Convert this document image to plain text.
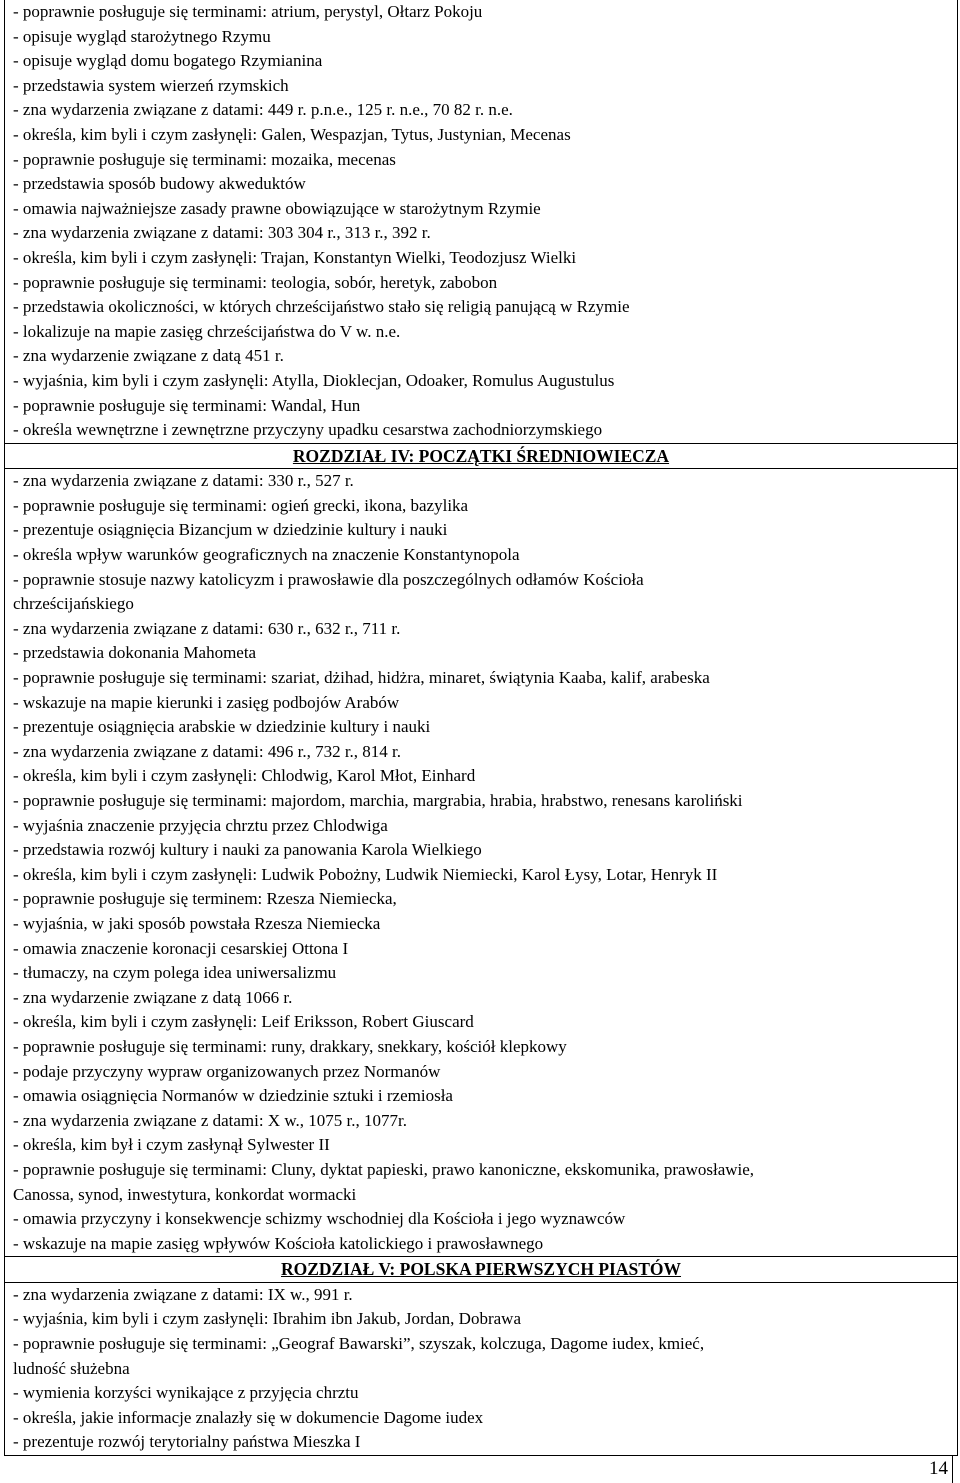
- poprawnie posługuje się terminami: atrium, perystyl, Ołtarz Pokoju
- opisuje wygląd starożytnego Rzymu
- opisuje wygląd domu bogatego Rzymianina
- przedstawia system wierzeń rzymskich
- zna wydarzenia związane z datami: 449 r. p.n.e., 125 r. n.e., 70 82 r. n.e.
- określa, kim byli i czym zasłynęli: Galen, Wespazjan, Tytus, Justynian, Mecenas
- poprawnie posługuje się terminami: mozaika, mecenas
- przedstawia sposób budowy akweduktów
- omawia najważniejsze zasady prawne obowiązujące w starożytnym Rzymie
- zna wydarzenia związane z datami: 303 304 r., 313 r., 392 r.
- określa, kim byli i czym zasłynęli: Trajan, Konstantyn Wielki, Teodozjusz Wielki
- poprawnie posługuje się terminami: teologia, sobór, heretyk, zabobon
- przedstawia okoliczności, w których chrześcijaństwo stało się religią panującą w Rzymie
- lokalizuje na mapie zasięg chrześcijaństwa do V w. n.e.
- zna wydarzenie związane z datą 451 r.
- wyjaśnia, kim byli i czym zasłynęli: Atylla, Dioklecjan, Odoaker, Romulus Augustulus
- poprawnie posługuje się terminami: Wandal, Hun
- określa wewnętrzne i zewnętrzne przyczyny upadku cesarstwa zachodniorzymskiego
ROZDZIAŁ IV: POCZĄTKI ŚREDNIOWIECZA
- zna wydarzenia związane z datami: 330 r., 527 r.
- poprawnie posługuje się terminami: ogień grecki, ikona, bazylika
- prezentuje osiągnięcia Bizancjum w dziedzinie kultury i nauki
- określa wpływ warunków geograficznych na znaczenie Konstantynopola
- poprawnie stosuje nazwy katolicyzm i prawosławie dla poszczególnych odłamów Kościoła
chrześcijańskiego
- zna wydarzenia związane z datami: 630 r., 632 r., 711 r.
- przedstawia dokonania Mahometa
- poprawnie posługuje się terminami: szariat, dżihad, hidżra, minaret, świątynia Kaaba, kalif, arabeska
- wskazuje na mapie kierunki i zasięg podbojów Arabów
- prezentuje osiągnięcia arabskie w dziedzinie kultury i nauki
- zna wydarzenia związane z datami: 496 r., 732 r., 814 r.
- określa, kim byli i czym zasłynęli: Chlodwig, Karol Młot, Einhard
- poprawnie posługuje się terminami: majordom, marchia, margrabia, hrabia, hrabstwo, renesans karoliński
- wyjaśnia znaczenie przyjęcia chrztu przez Chlodwiga
- przedstawia rozwój kultury i nauki za panowania Karola Wielkiego
- określa, kim byli i czym zasłynęli: Ludwik Pobożny, Ludwik Niemiecki, Karol Łysy, Lotar, Henryk II
- poprawnie posługuje się terminem: Rzesza Niemiecka,
- wyjaśnia, w jaki sposób powstała Rzesza Niemiecka
- omawia znaczenie koronacji cesarskiej Ottona I
- tłumaczy, na czym polega idea uniwersalizmu
- zna wydarzenie związane z datą 1066 r.
- określa, kim byli i czym zasłynęli: Leif Eriksson, Robert Giuscard
- poprawnie posługuje się terminami: runy, drakkary, snekkary, kościół klepkowy
- podaje przyczyny wypraw organizowanych przez Normanów
- omawia osiągnięcia Normanów w dziedzinie sztuki i rzemiosła
- zna wydarzenia związane z datami: X w., 1075 r., 1077r.
- określa, kim był i czym zasłynął Sylwester II
- poprawnie posługuje się terminami: Cluny, dyktat papieski, prawo kanoniczne, ekskomunika, prawosławie,
Canossa, synod, inwestytura, konkordat wormacki
- omawia przyczyny i konsekwencje schizmy wschodniej dla Kościoła i jego wyznawców
- wskazuje na mapie zasięg wpływów Kościoła katolickiego i prawosławnego
ROZDZIAŁ V: POLSKA PIERWSZYCH PIASTÓW
- zna wydarzenia związane z datami: IX w., 991 r.
- wyjaśnia, kim byli i czym zasłynęli: Ibrahim ibn Jakub, Jordan, Dobrawa
- poprawnie posługuje się terminami: „Geograf Bawarski”, szyszak, kolczuga, Dagome iudex, kmieć,
ludność służebna
- wymienia korzyści wynikające z przyjęcia chrztu
- określa, jakie informacje znalazły się w dokumencie Dagome iudex
- prezentuje rozwój terytorialny państwa Mieszka I
14
